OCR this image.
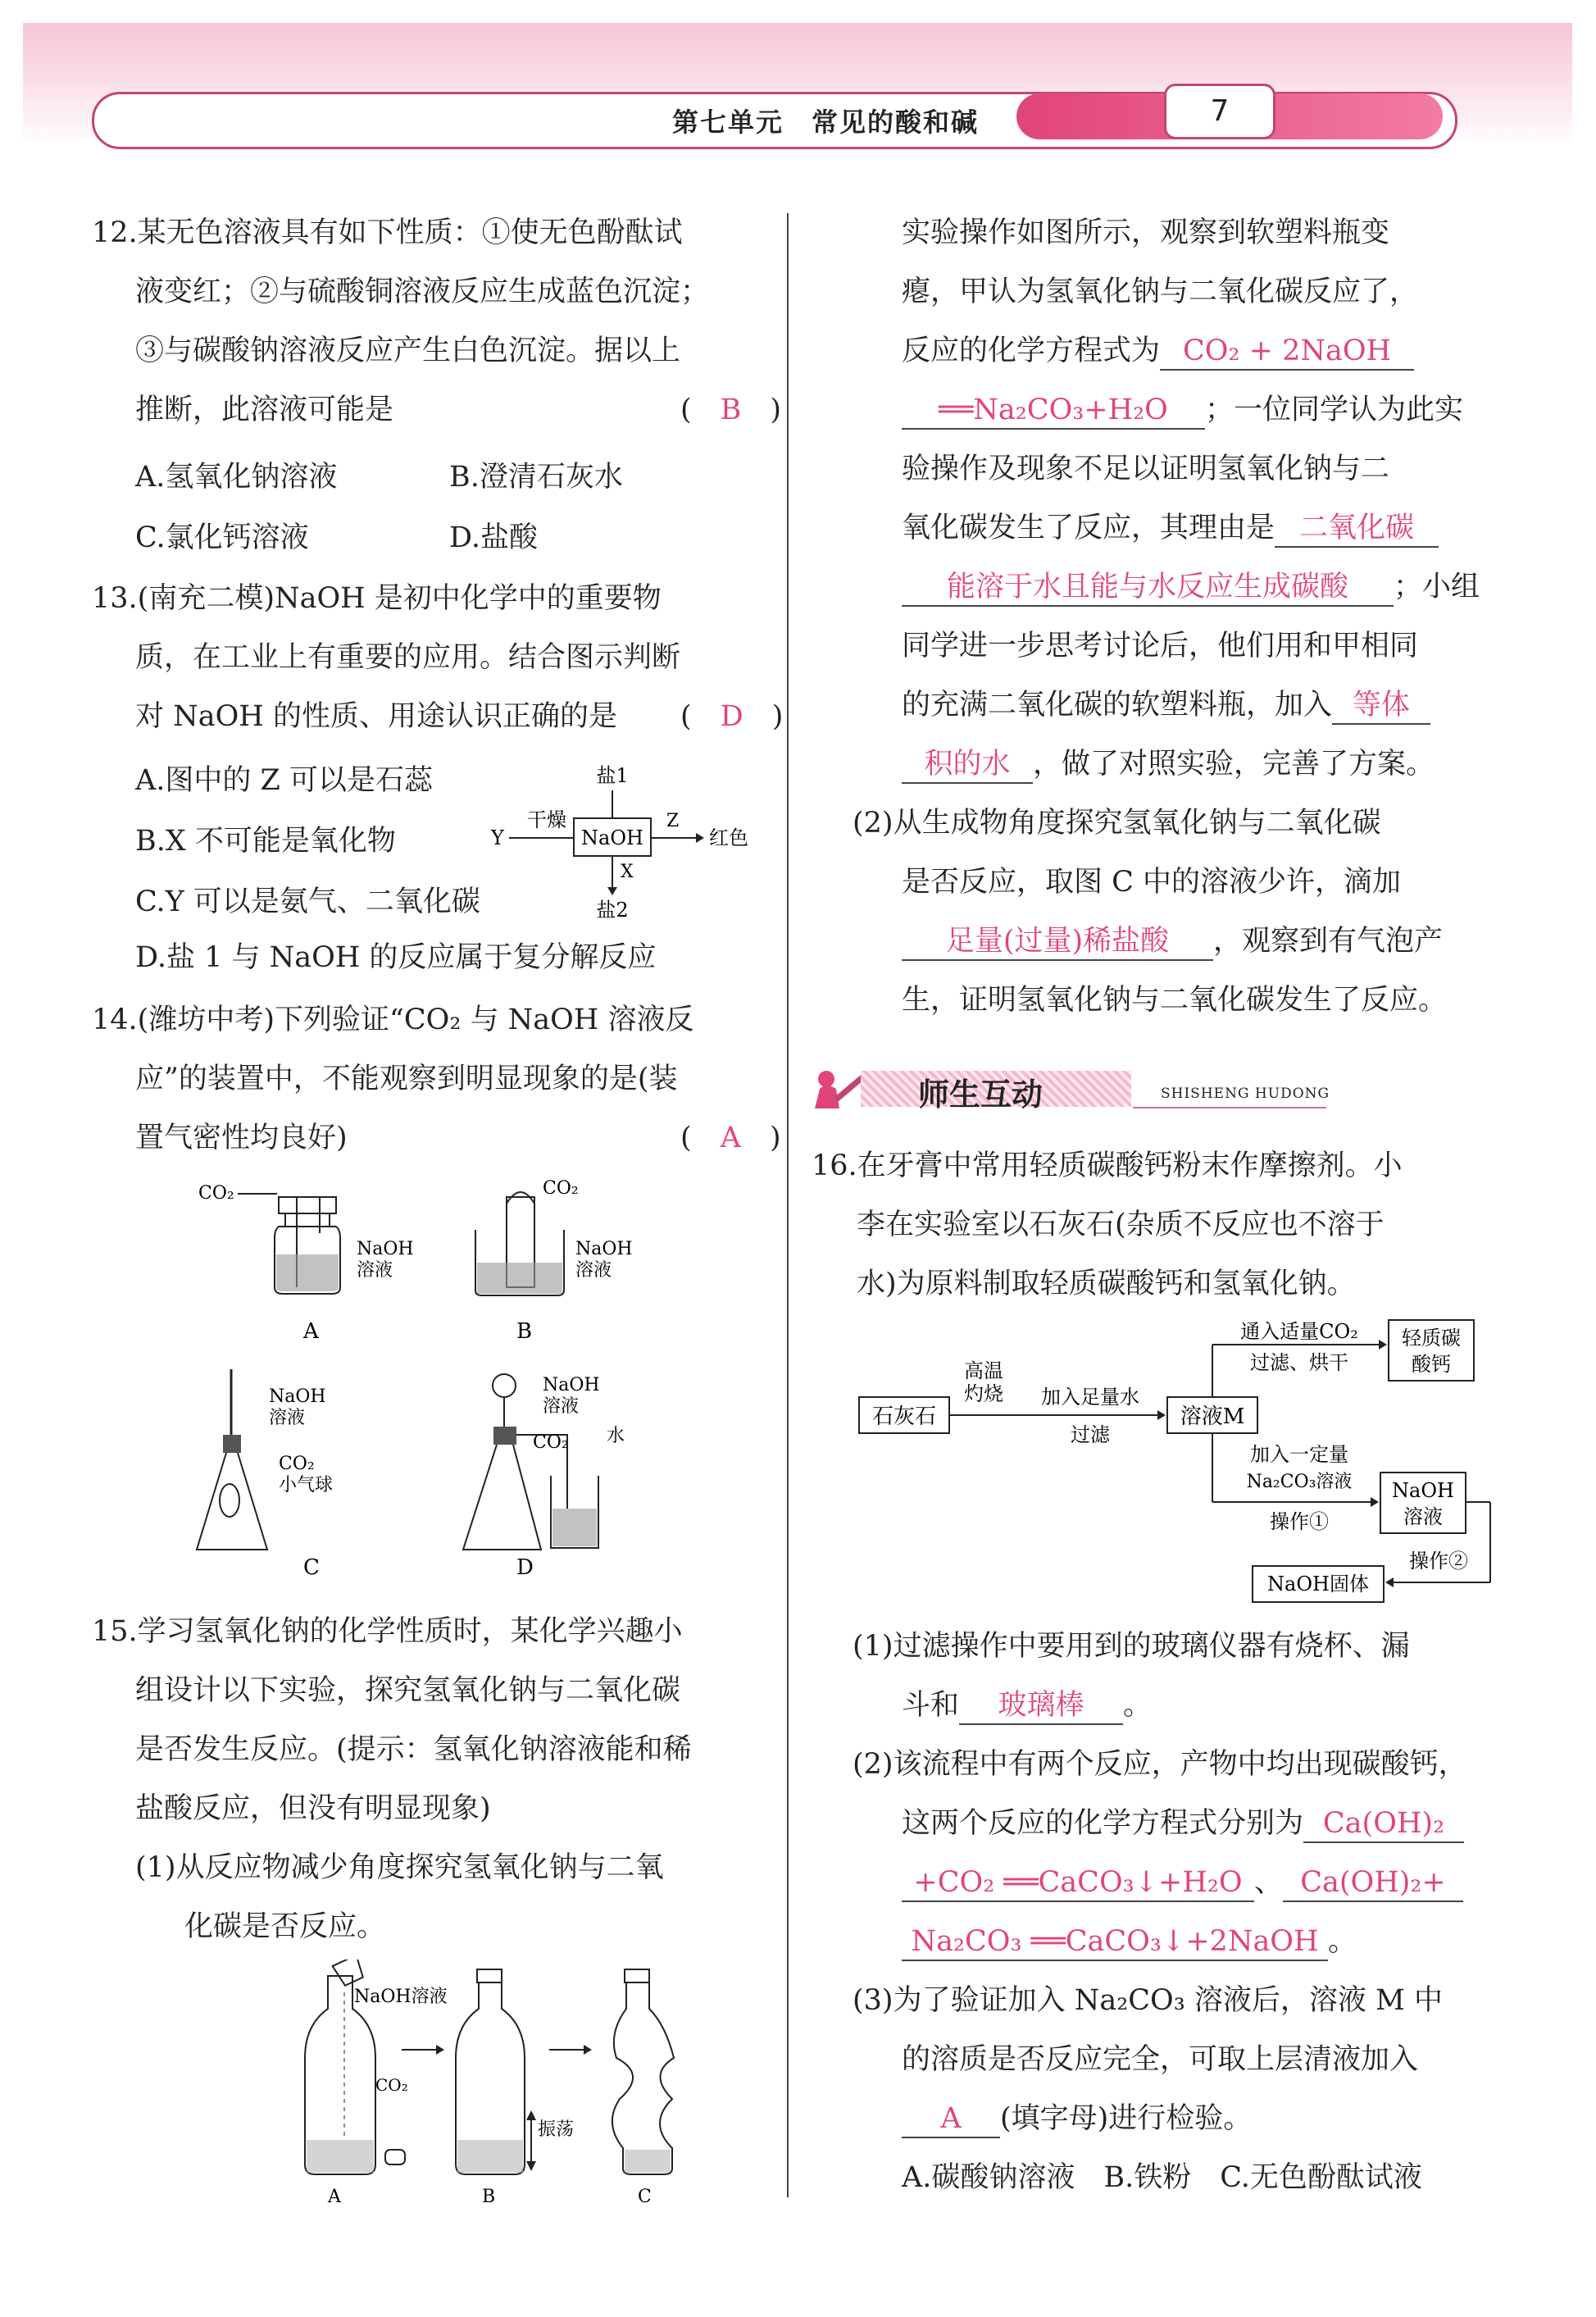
第七单元　常见的酸和碱	7
12.某无色溶液具有如下性质：①使无色酚酞试
液变红；②与硫酸铜溶液反应生成蓝色沉淀；
③与碳酸钠溶液反应产生白色沉淀。据以上
推断，此溶液可能是	(　B　)
A.氢氧化钠溶液	B.澄清石灰水
C.氯化钙溶液	D.盐酸
13.(南充二模)NaOH 是初中化学中的重要物
质，在工业上有重要的应用。结合图示判断
对 NaOH 的性质、用途认识正确的是 (　D　)
A.图中的 Z 可以是石蕊
B.X 不可能是氧化物
C.Y 可以是氨气、二氧化碳
D.盐 1 与 NaOH 的反应属于复分解反应
NaOH
盐1
X
盐2
Y
干燥	Z
红色
14.(潍坊中考)下列验证“CO₂ 与 NaOH 溶液反
应”的装置中，不能观察到明显现象的是(装
置气密性均良好)	(　A　)
CO₂
NaOH
溶液
A
CO₂
NaOH
溶液
B
NaOH
溶液
CO₂
小气球
C
NaOH
溶液
CO₂ 水
D
15.学习氢氧化钠的化学性质时，某化学兴趣小
组设计以下实验，探究氢氧化钠与二氧化碳
是否发生反应。(提示：氢氧化钠溶液能和稀
盐酸反应，但没有明显现象)
(1)从反应物减少角度探究氢氧化钠与二氧
化碳是否反应。
NaOH溶液
CO₂
A
振荡
B	C
实验操作如图所示，观察到软塑料瓶变
瘪，甲认为氢氧化钠与二氧化碳反应了，
反应的化学方程式为 CO₂ + 2NaOH
══Na₂CO₃+H₂O ；一位同学认为此实
验操作及现象不足以证明氢氧化钠与二
氧化碳发生了反应，其理由是 二氧化碳
能溶于水且能与水反应生成碳酸 ；小组
同学进一步思考讨论后，他们用和甲相同
的充满二氧化碳的软塑料瓶，加入 等体
积的水 ，做了对照实验，完善了方案。
(2)从生成物角度探究氢氧化钠与二氧化碳
是否反应，取图 C 中的溶液少许，滴加
足量(过量)稀盐酸 ，观察到有气泡产
生，证明氢氧化钠与二氧化碳发生了反应。
师生互动	SHISHENG HUDONG
16.在牙膏中常用轻质碳酸钙粉末作摩擦剂。小
李在实验室以石灰石(杂质不反应也不溶于
水)为原料制取轻质碳酸钙和氢氧化钠。
石灰石
高温
灼烧 加入足量水
过滤
溶液M
通入适量CO₂
过滤、烘干
轻质碳
酸钙
加入一定量
Na₂CO₃溶液
操作①
NaOH
溶液
操作②
NaOH固体
(1)过滤操作中要用到的玻璃仪器有烧杯、漏
斗和 玻璃棒 。
(2)该流程中有两个反应，产物中均出现碳酸钙，
这两个反应的化学方程式分别为 Ca(OH)₂
+CO₂ ══CaCO₃↓+H₂O 、 Ca(OH)₂+
Na₂CO₃ ══CaCO₃↓+2NaOH 。
(3)为了验证加入 Na₂CO₃ 溶液后，溶液 M 中
的溶质是否反应完全，可取上层清液加入
A (填字母)进行检验。
A.碳酸钠溶液　B.铁粉　C.无色酚酞试液
